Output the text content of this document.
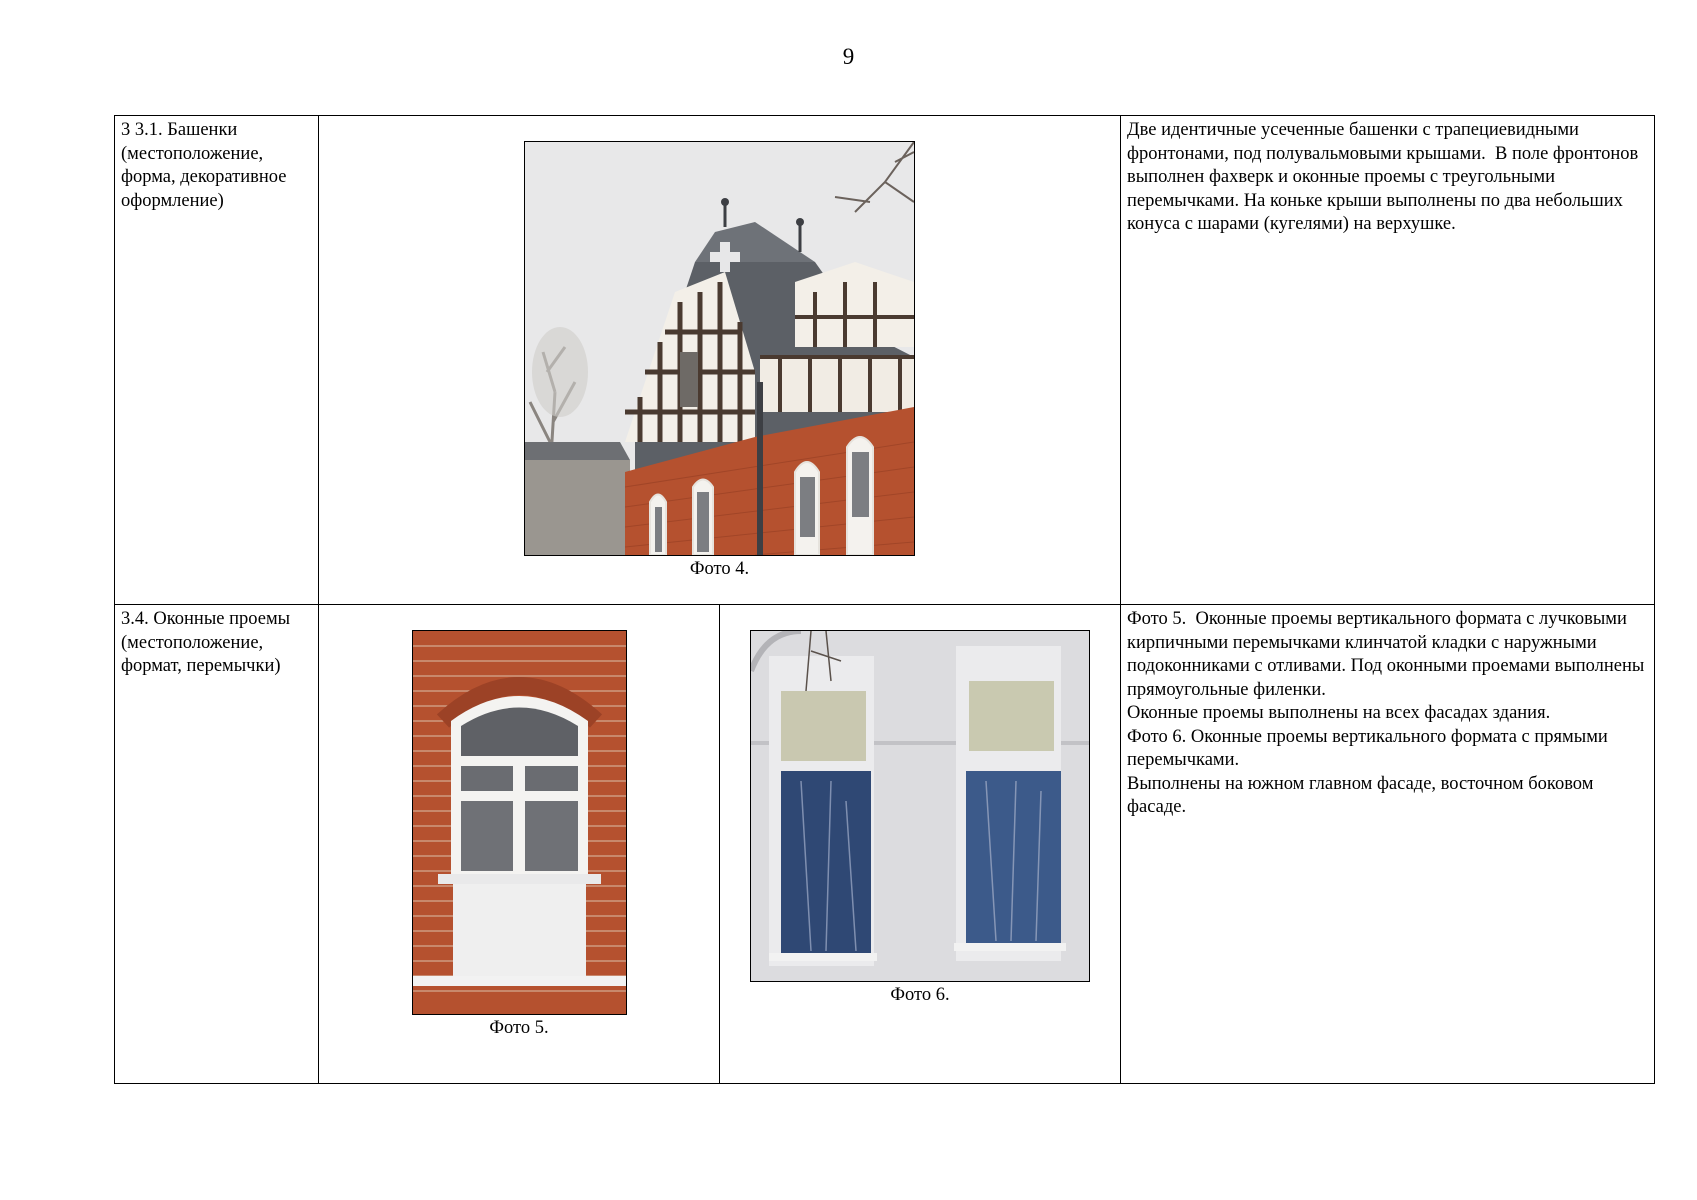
9
3 3.1. Башенки (местоположение, форма, декоративное оформление)	Фото 4.		Две идентичные усеченные башенки с трапециевидными фронтонами, под полувальмовыми крышами.  В поле фронтонов выполнен фахверк и оконные проемы с треугольными перемычками. На коньке крыши выполнены по два небольших конуса с шарами (кугелями) на верхушке.

3.4. Оконные проемы (местоположение, формат, перемычки)	Фото 5.	Фото 6.	Фото 5.  Оконные проемы вертикального формата с лучковыми кирпичными перемычками клинчатой кладки с наружными подоконниками с отливами. Под оконными проемами выполнены прямоугольные филенки.

Оконные проемы выполнены на всех фасадах здания.

Фото 6. Оконные проемы вертикального формата с прямыми перемычками.

Выполнены на южном главном фасаде, восточном боковом фасаде.
